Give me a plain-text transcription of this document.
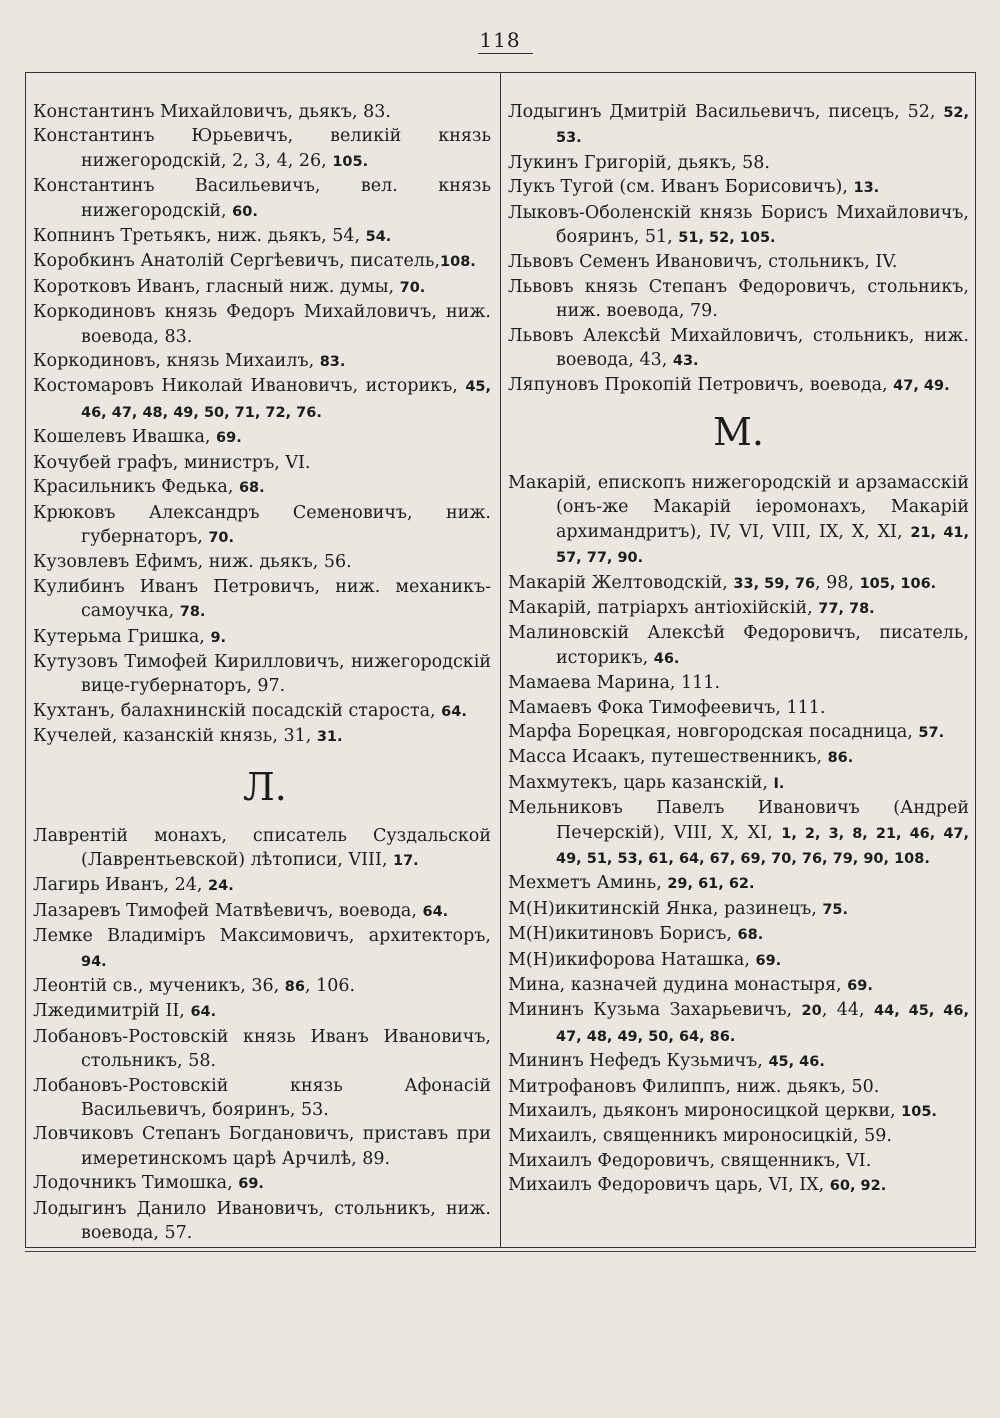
118

Константинъ Михайловичъ, дьякъ, 83.

Константинъ Юрьевичъ, великій князь нижегородскій, 2, 3, 4, 26, 105.

Константинъ Васильевичъ, вел. князь нижегородскій, 60.

Копнинъ Третьякъ, ниж. дьякъ, 54, 54.

Коробкинъ Анатолій Сергѣевичъ, писатель,108.

Коротковъ Иванъ, гласный ниж. думы, 70.

Коркодиновъ князь Федоръ Михайловичъ, ниж. воевода, 83.

Коркодиновъ, князь Михаилъ, 83.

Костомаровъ Николай Ивановичъ, историкъ, 45, 46, 47, 48, 49, 50, 71, 72, 76.

Кошелевъ Ивашка, 69.

Кочубей графъ, министръ, VI.

Красильникъ Федька, 68.

Крюковъ Александръ Семеновичъ, ниж. губернаторъ, 70.

Кузовлевъ Ефимъ, ниж. дьякъ, 56.

Кулибинъ Иванъ Петровичъ, ниж. механикъ-самоучка, 78.

Кутерьма Гришка, 9.

Кутузовъ Тимофей Кирилловичъ, нижегородскій вице-губернаторъ, 97.

Кухтанъ, балахнинскій посадскій староста, 64.

Кучелей, казанскій князь, 31, 31.

Л.

Лаврентій монахъ, списатель Суздальской (Лаврентьевской) лѣтописи, VIII, 17.

Лагирь Иванъ, 24, 24.

Лазаревъ Тимофей Матвѣевичъ, воевода, 64.

Лемке Владиміръ Максимовичъ, архитекторъ, 94.

Леонтій св., мученикъ, 36, 86, 106.

Лжедимитрій II, 64.

Лобановъ-Ростовскій князь Иванъ Ивановичъ, стольникъ, 58.

Лобановъ-Ростовскій князь Афонасій Васильевичъ, бояринъ, 53.

Ловчиковъ Степанъ Богдановичъ, приставъ при имеретинскомъ царѣ Арчилѣ, 89.

Лодочникъ Тимошка, 69.

Лодыгинъ Данило Ивановичъ, стольникъ, ниж. воевода, 57.

Лодыгинъ Дмитрій Васильевичъ, писецъ, 52, 52, 53.

Лукинъ Григорій, дьякъ, 58.

Лукъ Тугой (см. Иванъ Борисовичъ), 13.

Лыковъ-Оболенскій князь Борисъ Михайловичъ, бояринъ, 51, 51, 52, 105.

Львовъ Семенъ Ивановичъ, стольникъ, IV.

Львовъ князь Степанъ Федоровичъ, стольникъ, ниж. воевода, 79.

Львовъ Алексѣй Михайловичъ, стольникъ, ниж. воевода, 43, 43.

Ляпуновъ Прокопій Петровичъ, воевода, 47, 49.

М.

Макарій, епископъ нижегородскій и арзамасскій (онъ-же Макарій іеромонахъ, Макарій архимандритъ), IV, VI, VIII, IX, X, XI, 21, 41, 57, 77, 90.

Макарій Желтоводскій, 33, 59, 76, 98, 105, 106.

Макарій, патріархъ антіохійскій, 77, 78.

Малиновскій Алексѣй Федоровичъ, писатель, историкъ, 46.

Мамаева Марина, 111.

Мамаевъ Фока Тимофеевичъ, 111.

Марфа Борецкая, новгородская посадница, 57.

Масса Исаакъ, путешественникъ, 86.

Махмутекъ, царь казанскій, I.

Мельниковъ Павелъ Ивановичъ (Андрей Печерскій), VIII, X, XI, 1, 2, 3, 8, 21, 46, 47, 49, 51, 53, 61, 64, 67, 69, 70, 76, 79, 90, 108.

Мехметъ Аминь, 29, 61, 62.

М(Н)икитинскій Янка, разинецъ, 75.

М(Н)икитиновъ Борисъ, 68.

М(Н)икифорова Наташка, 69.

Мина, казначей дудина монастыря, 69.

Мининъ Кузьма Захарьевичъ, 20, 44, 44, 45, 46, 47, 48, 49, 50, 64, 86.

Мининъ Нефедъ Кузьмичъ, 45, 46.

Митрофановъ Филиппъ, ниж. дьякъ, 50.

Михаилъ, дьяконъ мироносицкой церкви, 105.

Михаилъ, священникъ мироносицкій, 59.

Михаилъ Федоровичъ, священникъ, VI.

Михаилъ Федоровичъ царь, VI, IX, 60, 92.
